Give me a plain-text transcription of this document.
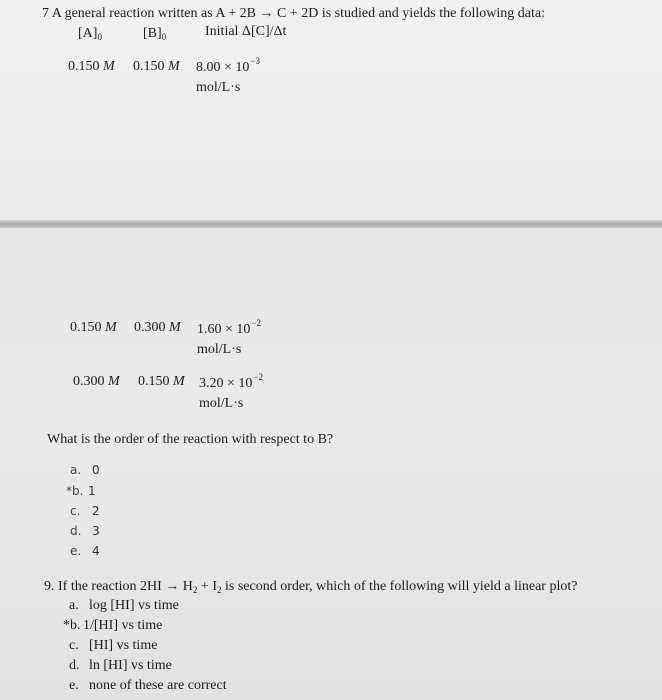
7 A general reaction written as A + 2B → C + 2D is studied and yields the following data:
$[A]_0$	$[B]_0$	Initial Δ[C]/Δt
0.150 M 0.150 M $8.00 \times 10^{-3}$
mol/L·s
0.150 M 0.300 M $1.60 \times 10^{-2}$
mol/L·s
0.300 M 0.150 M $3.20 \times 10^{-2}$
mol/L·s
What is the order of the reaction with respect to B?
a. 0
*b. 1
c. 2
d. 3
e. 4
9. If the reaction $2HI \to H_2 + I_2$ is second order, which of the following will yield a linear plot?
a. log [HI] vs time
*b. 1/[HI] vs time
c. [HI] vs time
d. ln [HI] vs time
e. none of these are correct
